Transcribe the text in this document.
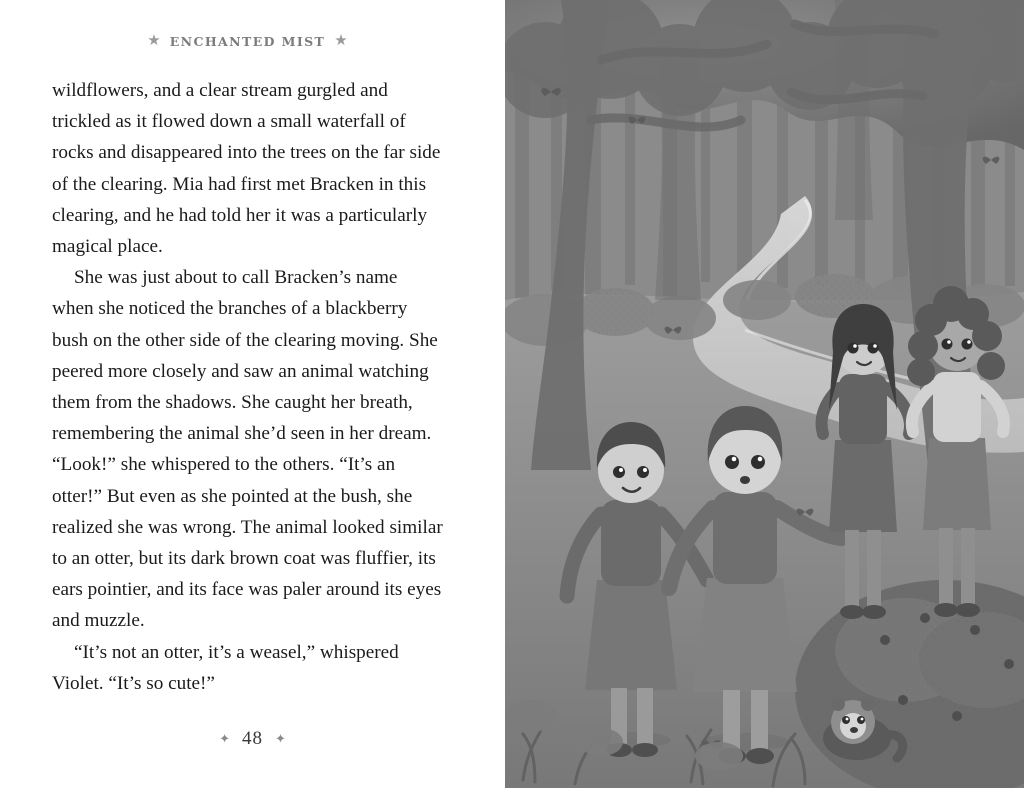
★ ENCHANTED MIST ★

wildflowers, and a clear stream gurgled and trickled as it flowed down a small waterfall of rocks and disappeared into the trees on the far side of the clearing. Mia had first met Bracken in this clearing, and he had told her it was a particularly magical place.

She was just about to call Bracken’s name when she noticed the branches of a blackberry bush on the other side of the clearing moving. She peered more closely and saw an animal watching them from the shadows. She caught her breath, remembering the animal she’d seen in her dream. “Look!” she whispered to the others. “It’s an otter!” But even as she pointed at the bush, she realized she was wrong. The animal looked similar to an otter, but its dark brown coat was fluffier, its ears pointier, and its face was paler around its eyes and muzzle.

“It’s not an otter, it’s a weasel,” whispered Violet. “It’s so cute!”

✦ 48 ✦
